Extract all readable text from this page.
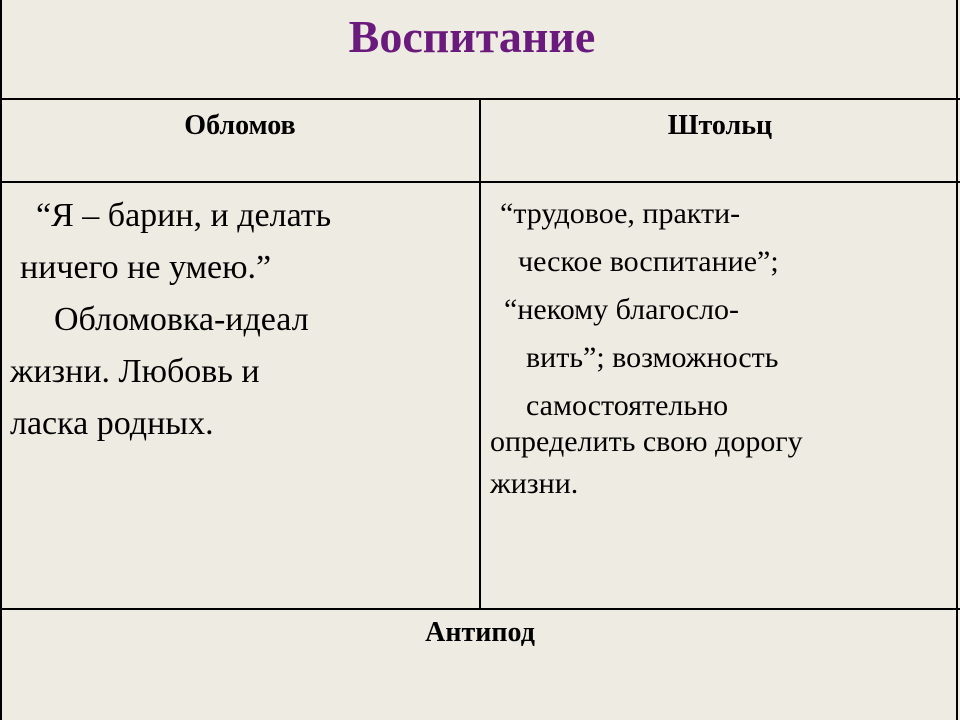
Воспитание
Обломов	Штольц
“Я – барин, и делать
ничего не умею.”
Обломовка-идеал
жизни. Любовь и
ласка родных.
“трудовое, практи-
ческое воспитание”;
“некому благосло-
вить”; возможность
самостоятельно
определить свою дорогу
жизни.
Антипод
